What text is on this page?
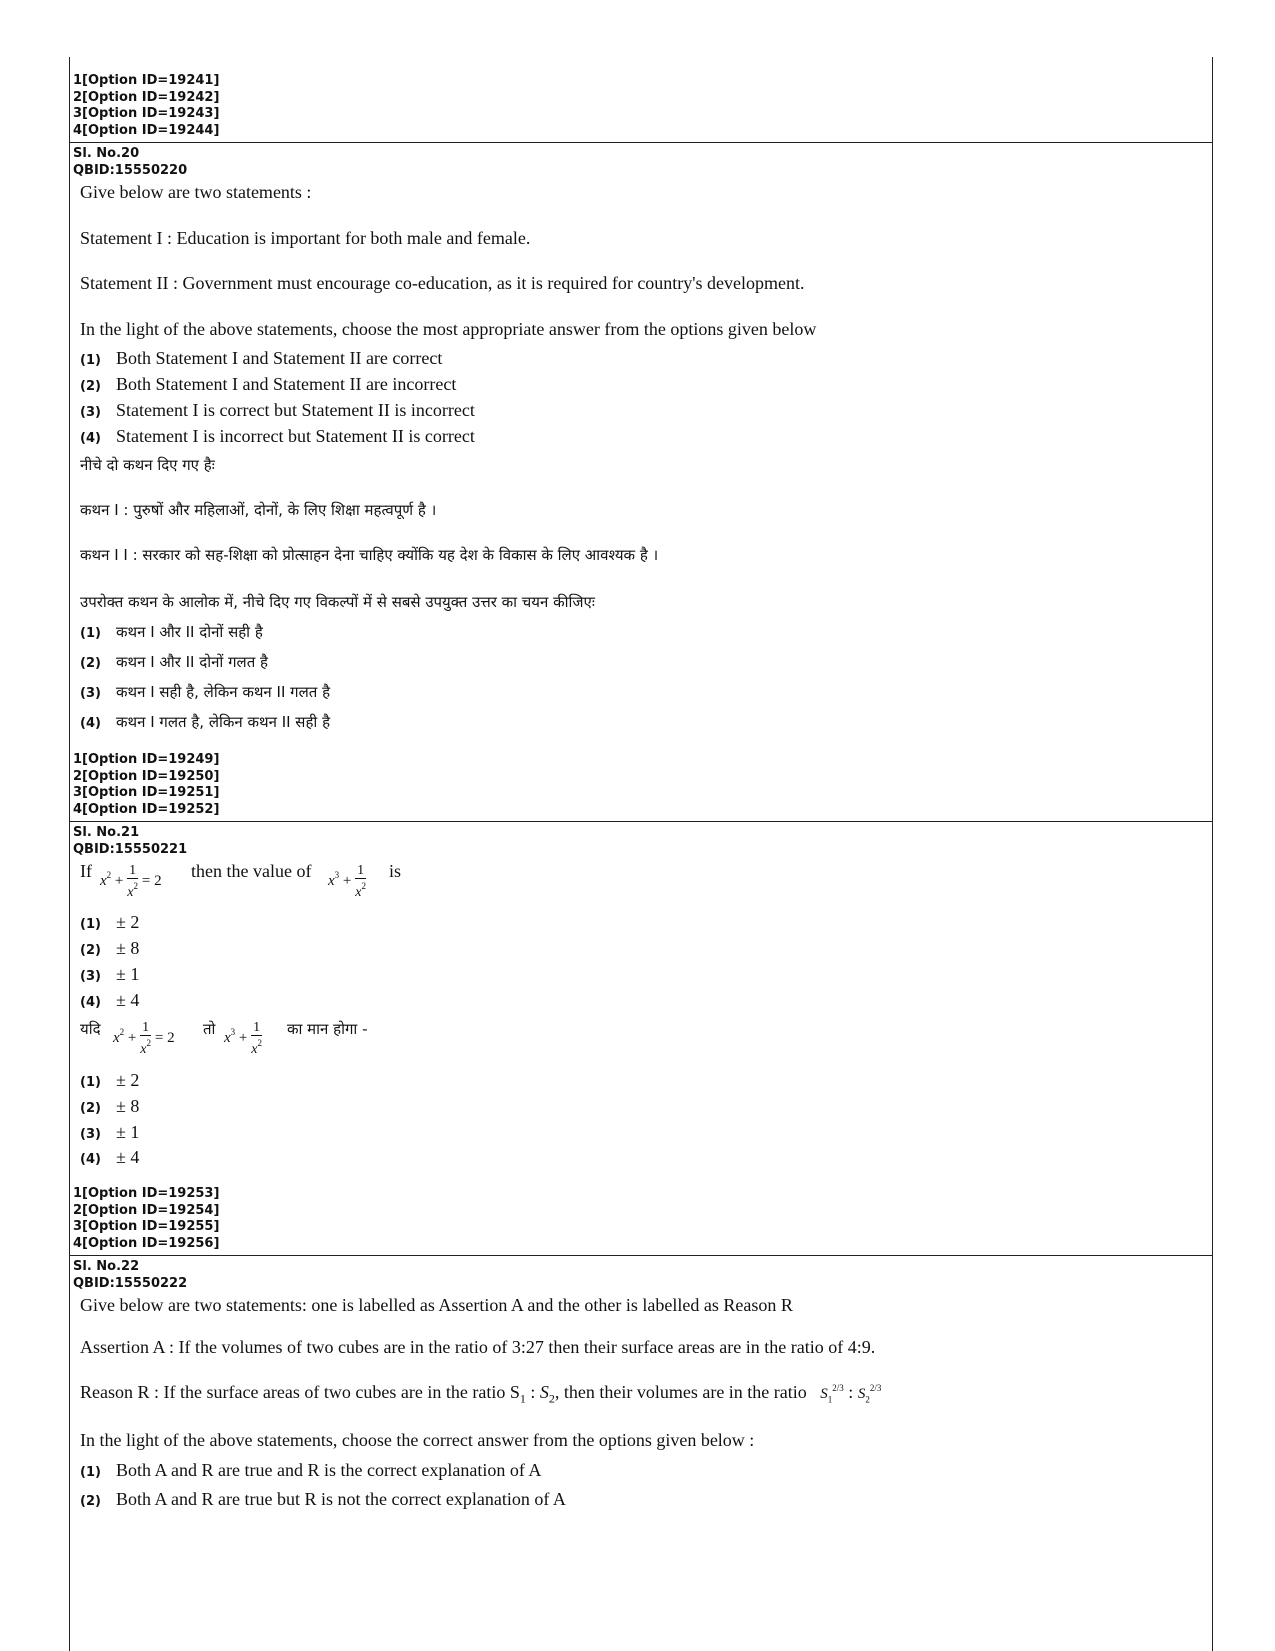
1[Option ID=19241]
2[Option ID=19242]
3[Option ID=19243]
4[Option ID=19244]
Sl. No.20
QBID:15550220

Give below are two statements :

Statement I : Education is important for both male and female.

Statement II : Government must encourage co-education, as it is required for country's development.

In the light of the above statements, choose the most appropriate answer from the options given below

(1) Both Statement I and Statement II are correct
(2) Both Statement I and Statement II are incorrect
(3) Statement I is correct but Statement II is incorrect
(4) Statement I is incorrect but Statement II is correct

नीचे दो कथन दिए गए हैः

कथन I : पुरुषों और महिलाओं, दोनों, के लिए शिक्षा महत्वपूर्ण है ।

कथन I I : सरकार को सह-शिक्षा को प्रोत्साहन देना चाहिए क्योंकि यह देश के विकास के लिए आवश्यक है ।

उपरोक्त कथन के आलोक में, नीचे दिए गए विकल्पों में से सबसे उपयुक्त उत्तर का चयन कीजिएः

(1) कथन I और II दोनों सही है
(2) कथन I और II दोनों गलत है
(3) कथन I सही है, लेकिन कथन II गलत है
(4) कथन I गलत है, लेकिन कथन II सही है
1[Option ID=19249]
2[Option ID=19250]
3[Option ID=19251]
4[Option ID=19252]
Sl. No.21
QBID:15550221

If $x^2 + \frac{1}{x^2} = 2$ then the value of $x^3 + \frac{1}{x^2}$ is

(1) ± 2
(2) ± 8
(3) ± 1
(4) ± 4

यदि $x^2 + \frac{1}{x^2} = 2$ तो $x^3 + \frac{1}{x^2}$ का मान होगा -

(1) ± 2
(2) ± 8
(3) ± 1
(4) ± 4
1[Option ID=19253]
2[Option ID=19254]
3[Option ID=19255]
4[Option ID=19256]
Sl. No.22
QBID:15550222

Give below are two statements: one is labelled as Assertion A and the other is labelled as Reason R

Assertion A : If the volumes of two cubes are in the ratio of 3:27 then their surface areas are in the ratio of 4:9.

Reason R : If the surface areas of two cubes are in the ratio $S_1$ : $S_2$, then their volumes are in the ratio $S_1^{2/3}$ : $S_2^{2/3}$

In the light of the above statements, choose the correct answer from the options given below :

(1) Both A and R are true and R is the correct explanation of A
(2) Both A and R are true but R is not the correct explanation of A
